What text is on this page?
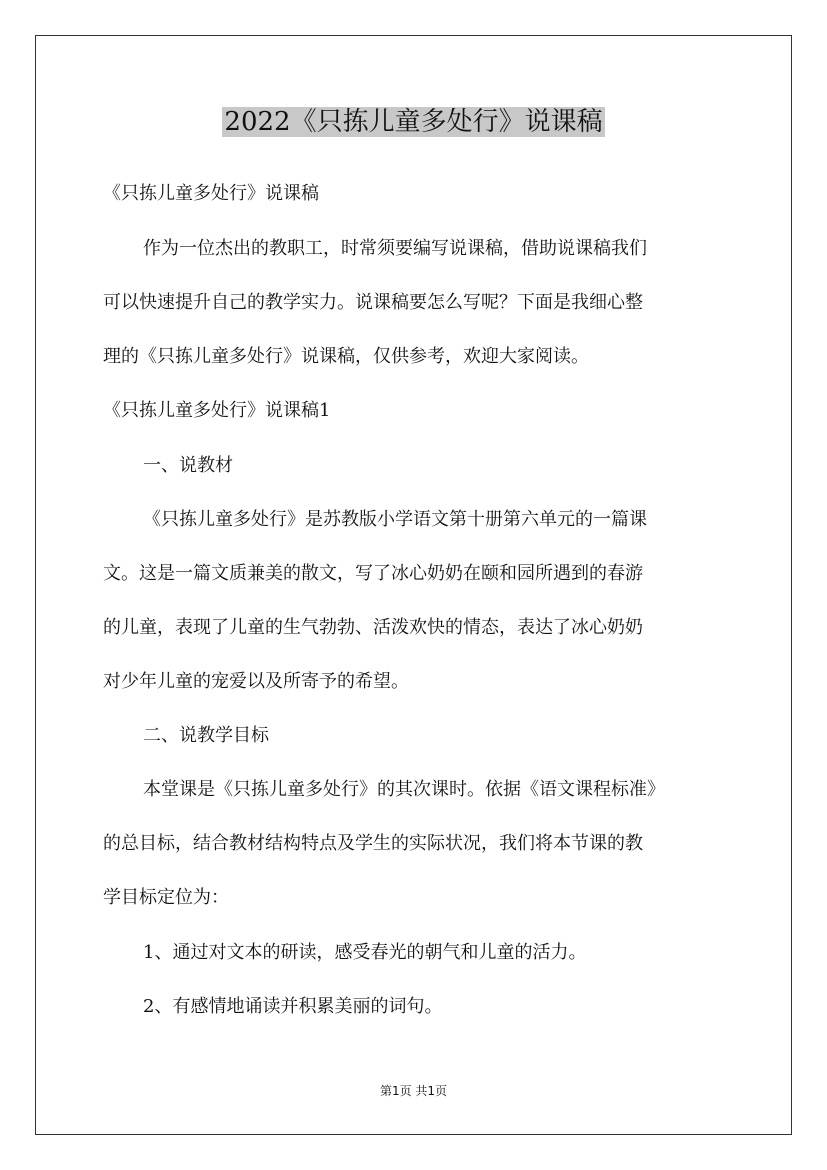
2022《只拣儿童多处行》说课稿

《只拣儿童多处行》说课稿

作为一位杰出的教职工，时常须要编写说课稿，借助说课稿我们

可以快速提升自己的教学实力。说课稿要怎么写呢？下面是我细心整

理的《只拣儿童多处行》说课稿，仅供参考，欢迎大家阅读。

《只拣儿童多处行》说课稿1

一、说教材

《只拣儿童多处行》是苏教版小学语文第十册第六单元的一篇课

文。这是一篇文质兼美的散文，写了冰心奶奶在颐和园所遇到的春游

的儿童，表现了儿童的生气勃勃、活泼欢快的情态，表达了冰心奶奶

对少年儿童的宠爱以及所寄予的希望。

二、说教学目标

本堂课是《只拣儿童多处行》的其次课时。依据《语文课程标准》

的总目标，结合教材结构特点及学生的实际状况，我们将本节课的教

学目标定位为：

1、通过对文本的研读，感受春光的朝气和儿童的活力。

2、有感情地诵读并积累美丽的词句。

第1页 共1页
